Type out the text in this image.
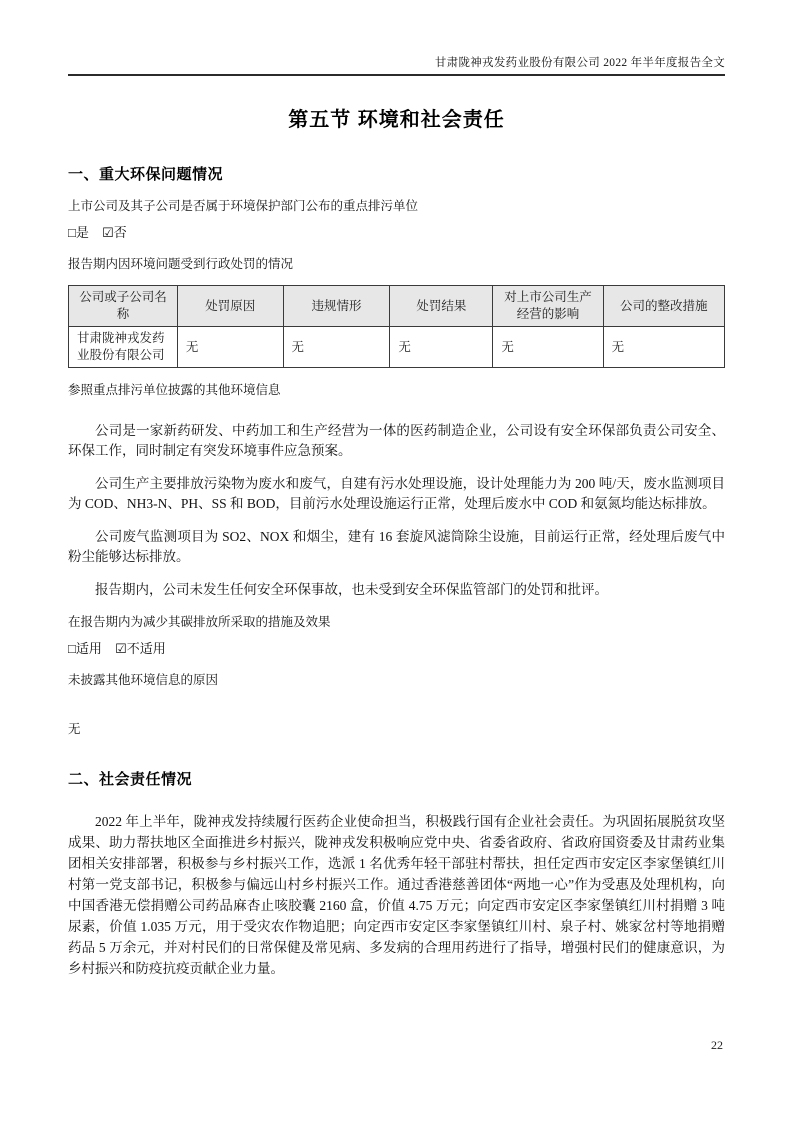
甘肃陇神戎发药业股份有限公司 2022 年半年度报告全文
第五节 环境和社会责任
一、重大环保问题情况
上市公司及其子公司是否属于环境保护部门公布的重点排污单位
□是 ☑否
报告期内因环境问题受到行政处罚的情况
公司或子公司名称	处罚原因	违规情形	处罚结果	对上市公司生产经营的影响	公司的整改措施
甘肃陇神戎发药业股份有限公司	无	无	无	无	无
参照重点排污单位披露的其他环境信息

公司是一家新药研发、中药加工和生产经营为一体的医药制造企业，公司设有安全环保部负责公司安全、环保工作，同时制定有突发环境事件应急预案。

公司生产主要排放污染物为废水和废气，自建有污水处理设施，设计处理能力为 200 吨/天，废水监测项目为 COD、NH3-N、PH、SS 和 BOD，目前污水处理设施运行正常，处理后废水中 COD 和氨氮均能达标排放。

公司废气监测项目为 SO2、NOX 和烟尘，建有 16 套旋风滤筒除尘设施，目前运行正常，经处理后废气中粉尘能够达标排放。

报告期内，公司未发生任何安全环保事故，也未受到安全环保监管部门的处罚和批评。

在报告期内为减少其碳排放所采取的措施及效果
□适用 ☑不适用
未披露其他环境信息的原因
无
二、社会责任情况

2022 年上半年，陇神戎发持续履行医药企业使命担当，积极践行国有企业社会责任。为巩固拓展脱贫攻坚成果、助力帮扶地区全面推进乡村振兴，陇神戎发积极响应党中央、省委省政府、省政府国资委及甘肃药业集团相关安排部署，积极参与乡村振兴工作，选派 1 名优秀年轻干部驻村帮扶，担任定西市安定区李家堡镇红川村第一党支部书记，积极参与偏远山村乡村振兴工作。通过香港慈善团体“两地一心”作为受惠及处理机构，向中国香港无偿捐赠公司药品麻杏止咳胶囊 2160 盒，价值 4.75 万元；向定西市安定区李家堡镇红川村捐赠 3 吨尿素，价值 1.035 万元，用于受灾农作物追肥；向定西市安定区李家堡镇红川村、泉子村、姚家岔村等地捐赠药品 5 万余元，并对村民们的日常保健及常见病、多发病的合理用药进行了指导，增强村民们的健康意识，为乡村振兴和防疫抗疫贡献企业力量。

22
